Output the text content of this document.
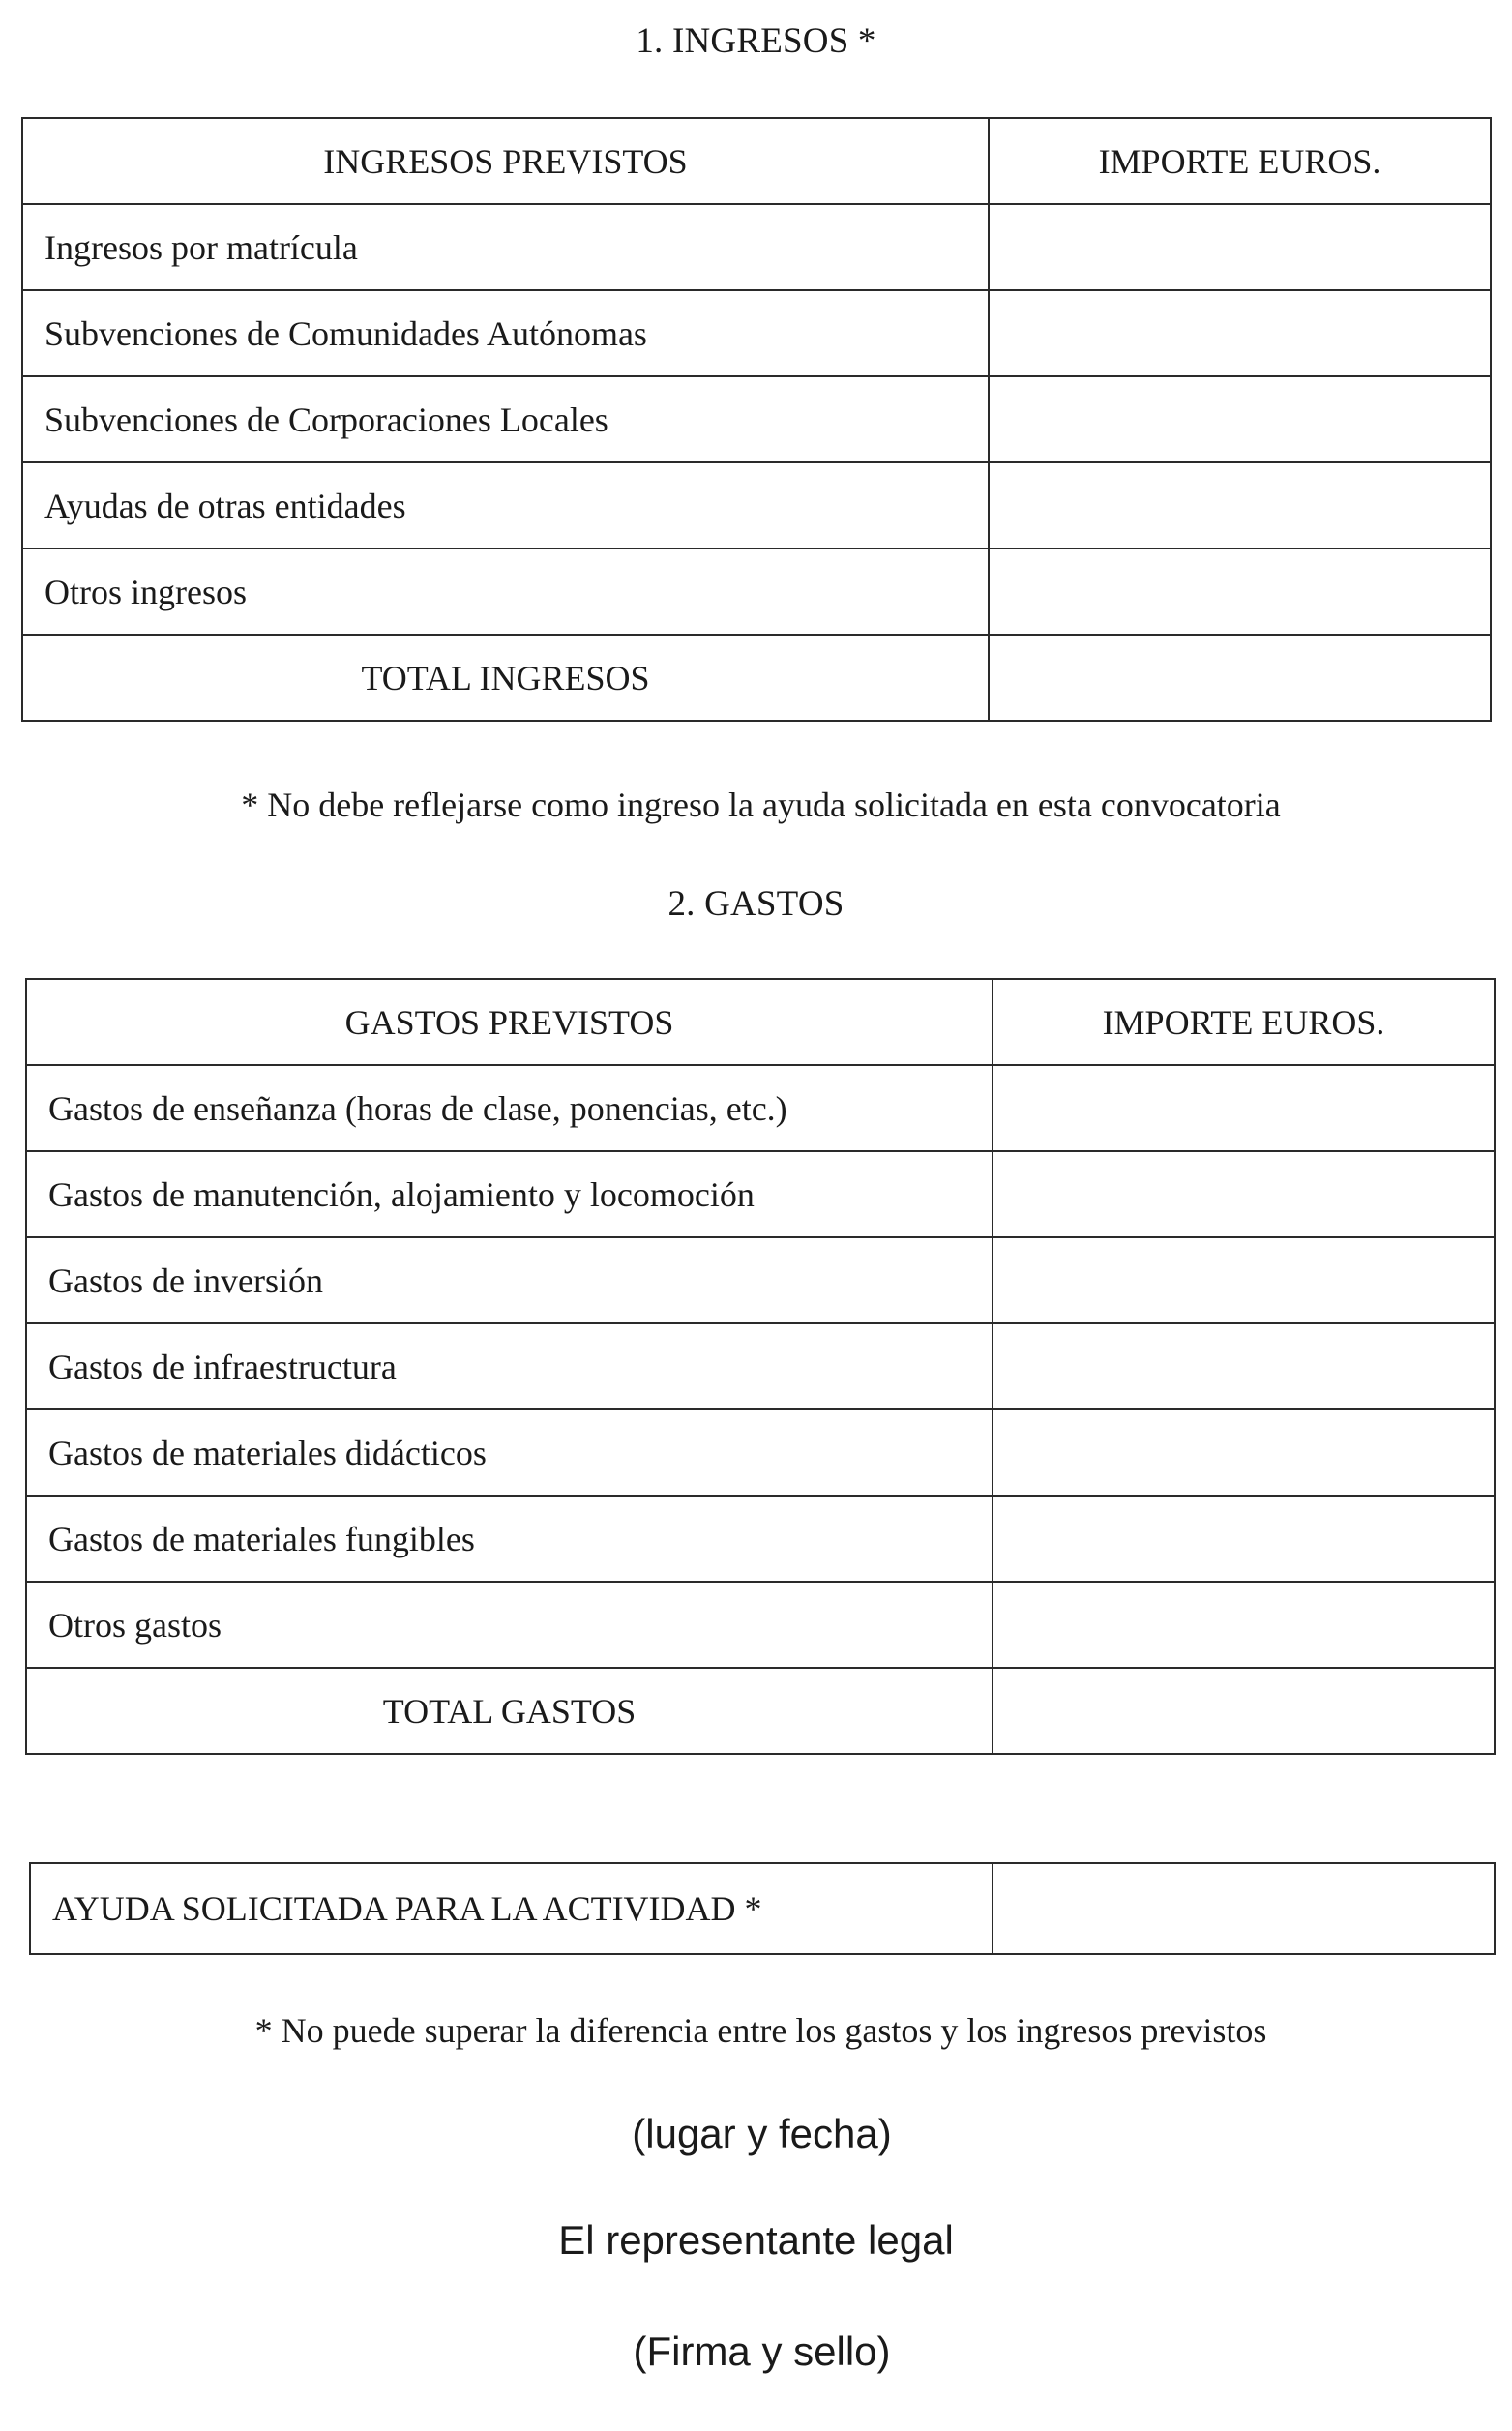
1. INGRESOS *
INGRESOS PREVISTOS	IMPORTE EUROS.
Ingresos por matrícula	
Subvenciones de Comunidades Autónomas	
Subvenciones de Corporaciones Locales	
Ayudas de otras entidades	
Otros ingresos	
TOTAL INGRESOS	
* No debe reflejarse como ingreso la ayuda solicitada en esta convocatoria
2. GASTOS
GASTOS PREVISTOS	IMPORTE EUROS.
Gastos de enseñanza (horas de clase, ponencias, etc.)	
Gastos de manutención, alojamiento y locomoción	
Gastos de inversión	
Gastos de infraestructura	
Gastos de materiales didácticos	
Gastos de materiales fungibles	
Otros gastos	
TOTAL GASTOS	
AYUDA SOLICITADA PARA LA ACTIVIDAD *	
* No puede superar la diferencia entre los gastos y los ingresos previstos
(lugar y fecha)
El representante legal
(Firma y sello)
